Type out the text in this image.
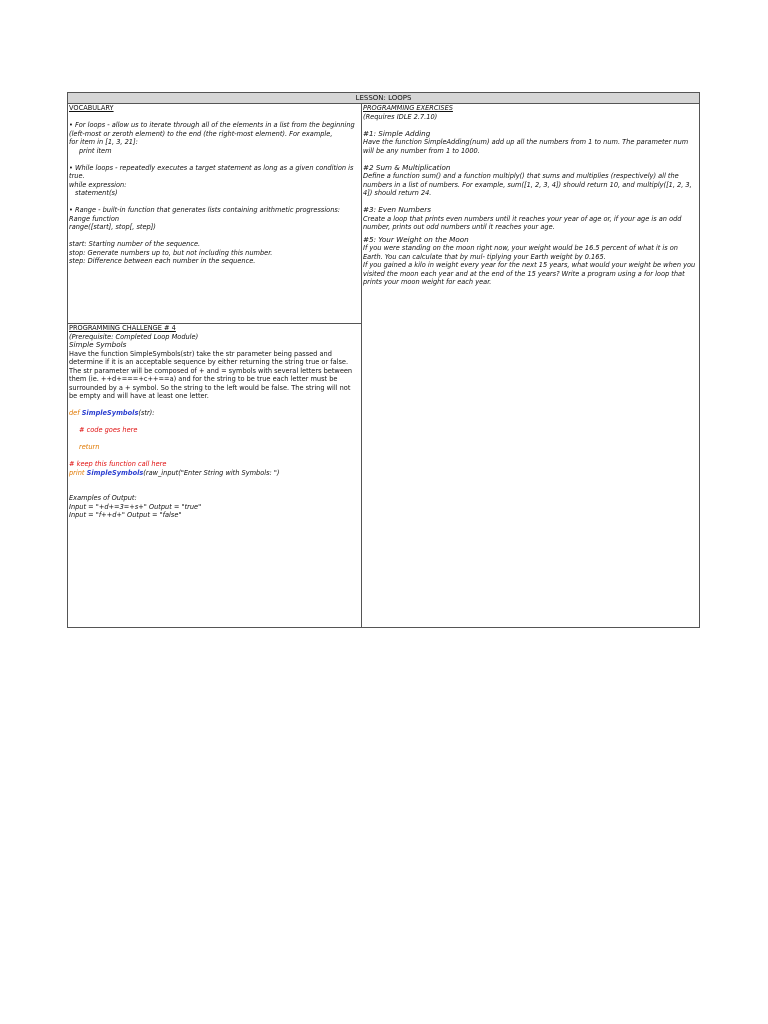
LESSON: LOOPS
VOCABULARY
• For loops - allow us to iterate through all of the elements in a list from the beginning (left-most or zeroth element) to the end (the right-most element). For example,
for item in [1, 3, 21]:
print item
• While loops - repeatedly executes a target statement as long as a given condition is true.
while expression:
statement(s)
• Range - built-in function that generates lists containing arithmetic progressions:
Range function
range([start], stop[, step])
start: Starting number of the sequence.
stop: Generate numbers up to, but not including this number.
step: Difference between each number in the sequence.
PROGRAMMING CHALLENGE # 4
(Prerequisite: Completed Loop Module)
Simple Symbols
Have the function SimpleSymbols(str) take the str parameter being passed and determine if it is an acceptable sequence by either returning the string true or false. The str parameter will be composed of + and = symbols with several letters between them (ie. ++d+===+c++==a) and for the string to be true each letter must be surrounded by a + symbol. So the string to the left would be false. The string will not be empty and will have at least one letter.
def SimpleSymbols(str):
# code goes here
return
# keep this function call here
print SimpleSymbols(raw_input("Enter String with Symbols: ")
Examples of Output:
Input = "+d+=3=+s+" Output = "true"
Input = "f++d+" Output = "false"
PROGRAMMING EXERCISES
(Requires IDLE 2.7.10)
#1: Simple Adding
Have the function SimpleAdding(num) add up all the numbers from 1 to num. The parameter num will be any number from 1 to 1000.
#2 Sum & Multiplication
Define a function sum() and a function multiply() that sums and multiplies (respectively) all the numbers in a list of numbers. For example, sum([1, 2, 3, 4]) should return 10, and multiply([1, 2, 3, 4]) should return 24.
#3: Even Numbers
Create a loop that prints even numbers until it reaches your year of age or, if your age is an odd number, prints out odd numbers until it reaches your age.
#5: Your Weight on the Moon
If you were standing on the moon right now, your weight would be 16.5 percent of what it is on Earth. You can calculate that by mul- tiplying your Earth weight by 0.165.
If you gained a kilo in weight every year for the next 15 years, what would your weight be when you visited the moon each year and at the end of the 15 years? Write a program using a for loop that prints your moon weight for each year.
